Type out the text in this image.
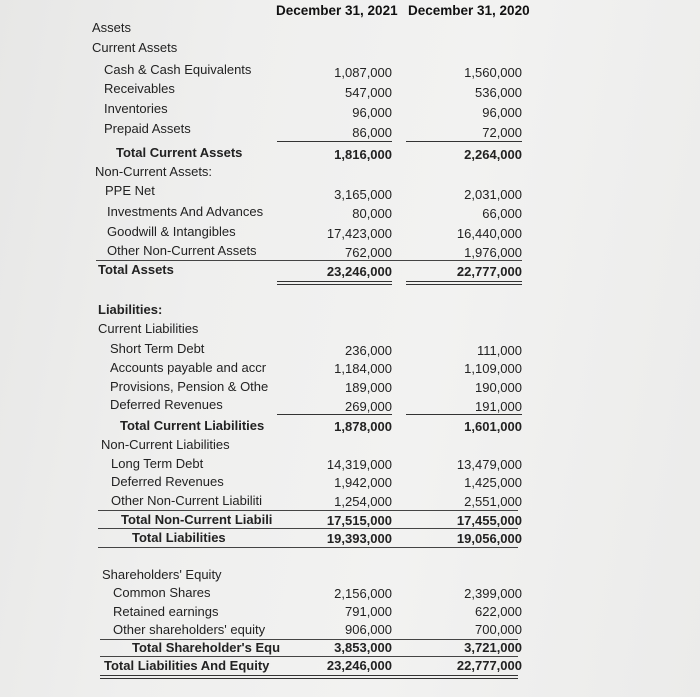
December 31, 2021 December 31, 2020
Assets
Current Assets
Cash & Cash Equivalents	1,087,000	1,560,000
Receivables	547,000	536,000
Inventories	96,000	96,000
Prepaid Assets	86,000	72,000
Total Current Assets	1,816,000	2,264,000
Non-Current Assets:
PPE Net	3,165,000	2,031,000
Investments And Advances	80,000	66,000
Goodwill & Intangibles	17,423,000	16,440,000
Other Non-Current Assets	762,000	1,976,000
Total Assets	23,246,000	22,777,000
Liabilities:
Current Liabilities
Short Term Debt	236,000	111,000
Accounts payable and accr	1,184,000	1,109,000
Provisions, Pension & Othe	189,000	190,000
Deferred Revenues	269,000	191,000
Total Current Liabilities	1,878,000	1,601,000
Non-Current Liabilities
Long Term Debt	14,319,000	13,479,000
Deferred Revenues	1,942,000	1,425,000
Other Non-Current Liabiliti	1,254,000	2,551,000
Total Non-Current Liabili	17,515,000	17,455,000
Total Liabilities	19,393,000	19,056,000
Shareholders' Equity
Common Shares	2,156,000	2,399,000
Retained earnings	791,000	622,000
Other shareholders' equity	906,000	700,000
Total Shareholder's Equ	3,853,000	3,721,000
Total Liabilities And Equity	23,246,000	22,777,000
